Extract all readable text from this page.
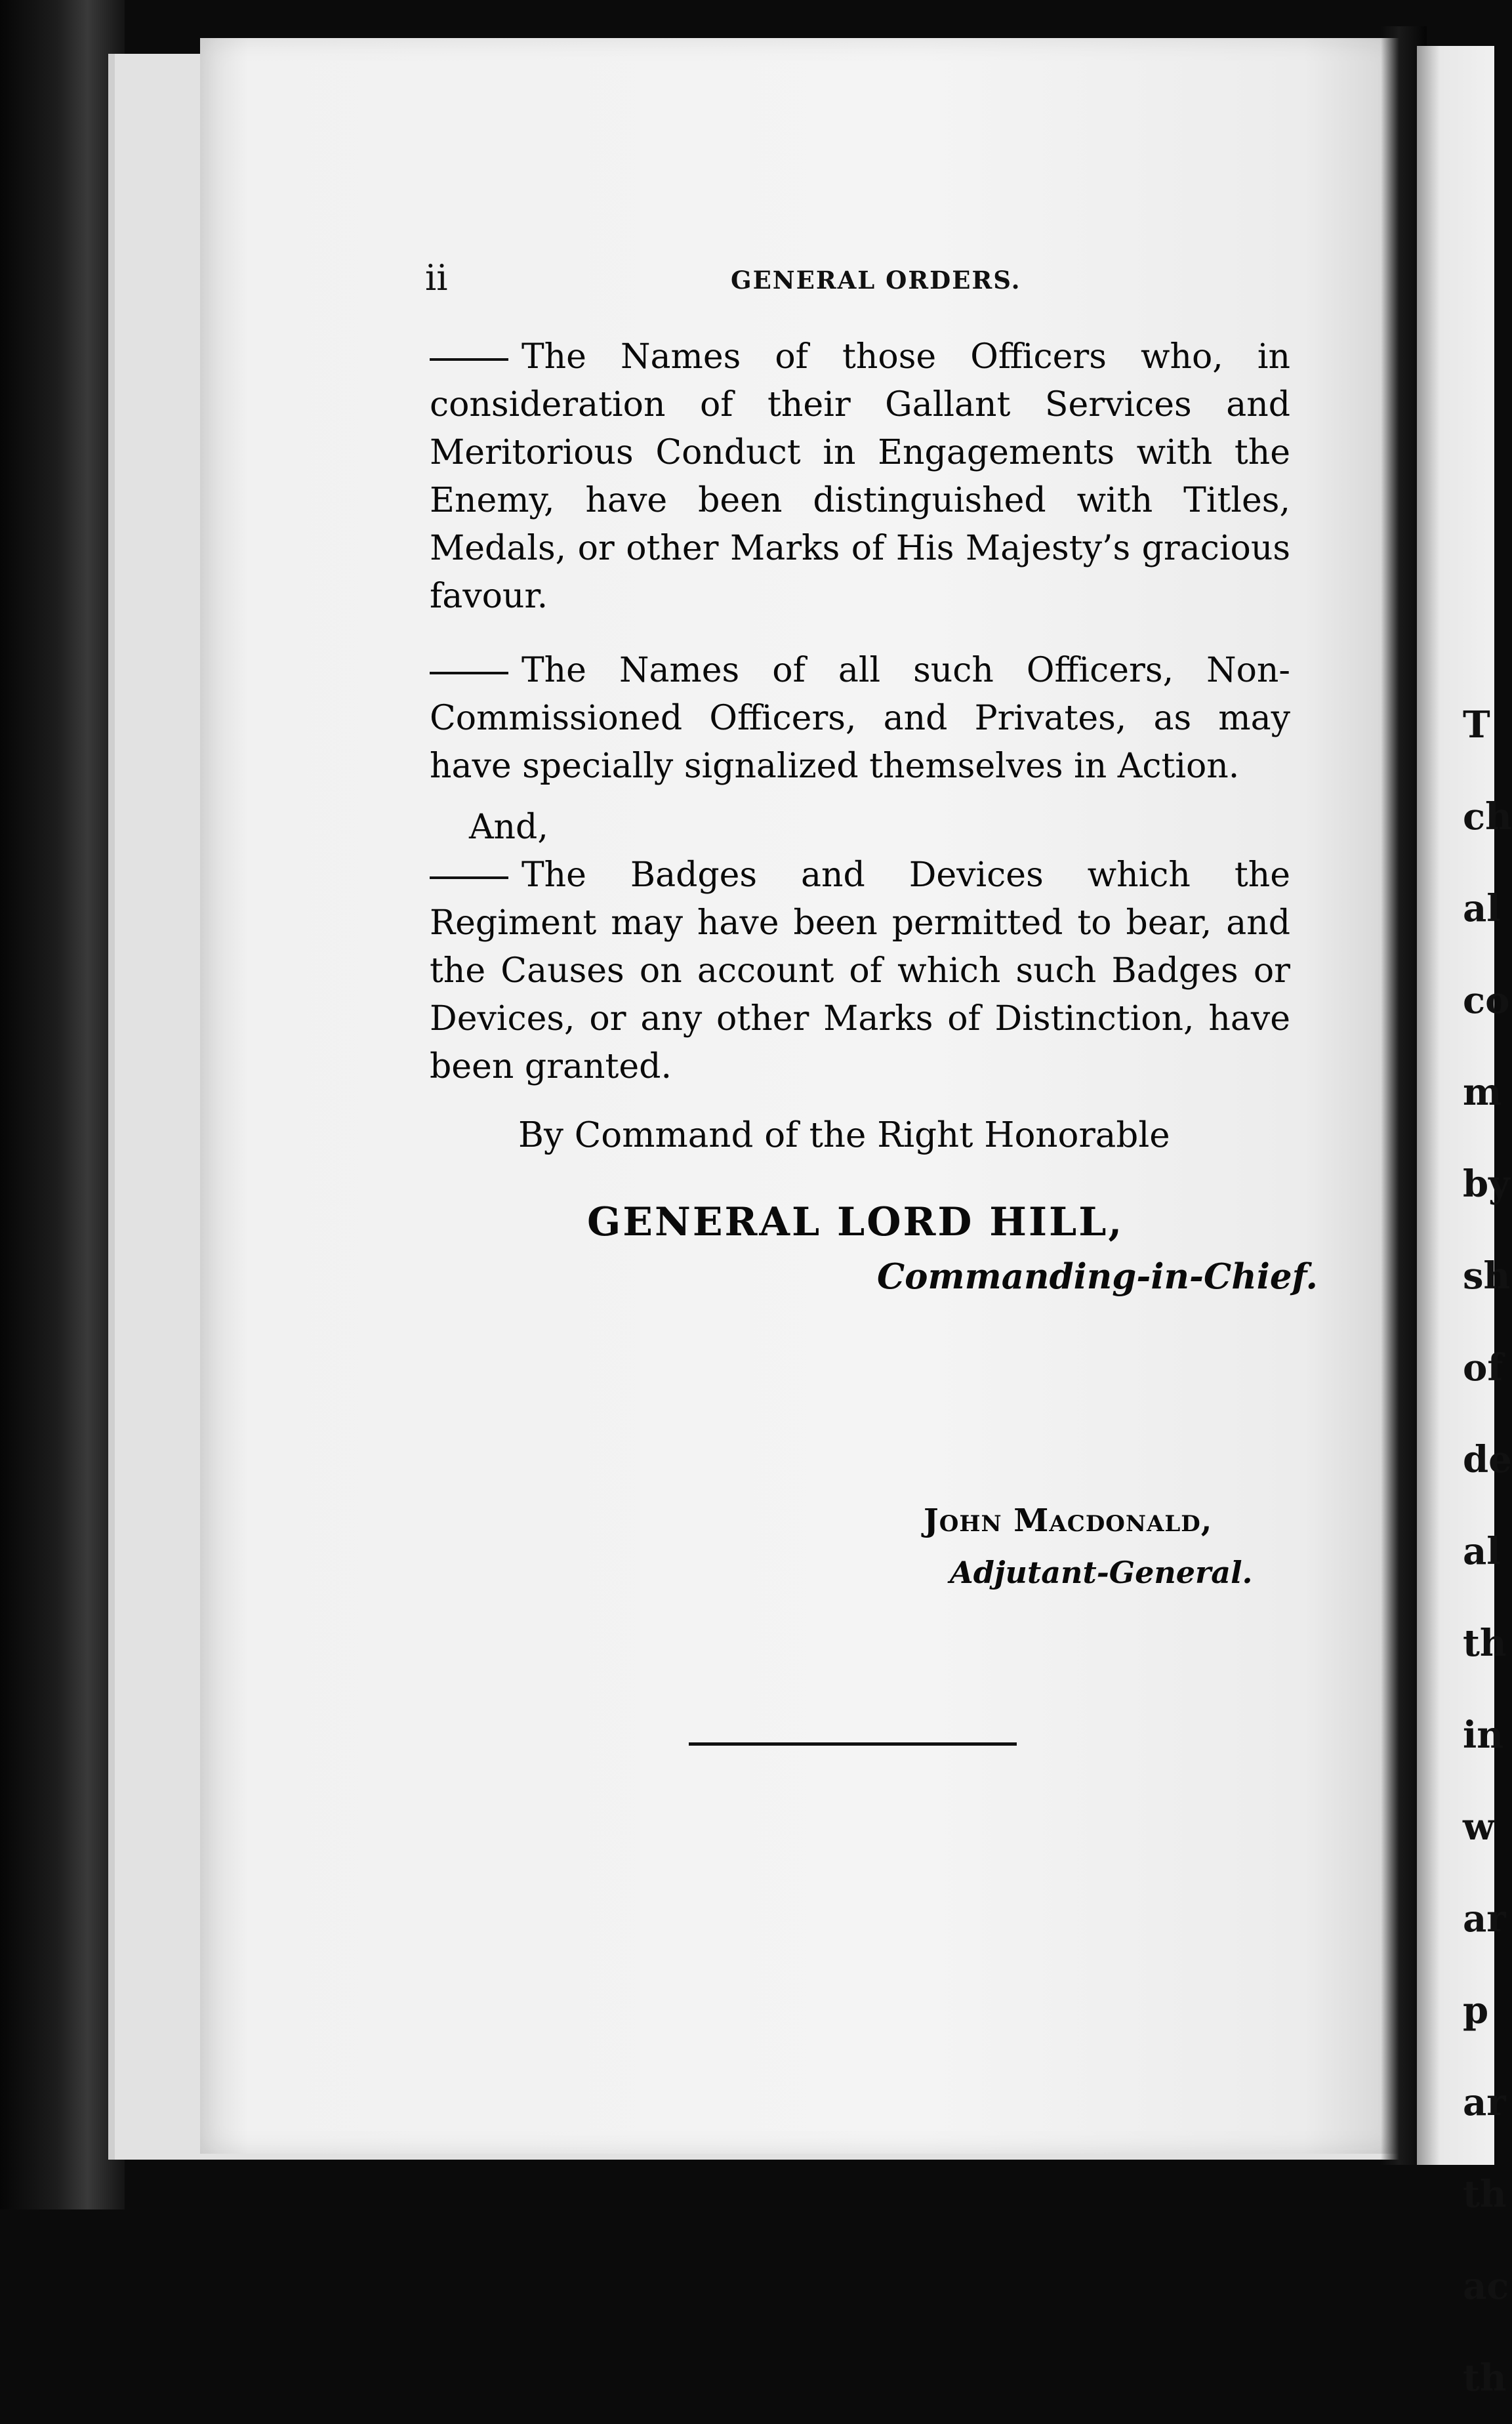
T
ch
al
co
m
by
sh
of
de
al
th
in
w
ar
p
ar
th
ac
th
ii	GENERAL ORDERS.

The Names of those Officers who, in consideration of their Gallant Services and Meritorious Conduct in Engagements with the Enemy, have been distinguished with Titles, Medals, or other Marks of His Majesty’s gracious favour.

The Names of all such Officers, Non-Commissioned Officers, and Privates, as may have specially signalized themselves in Action.

And,

The Badges and Devices which the Regiment may have been permitted to bear, and the Causes on account of which such Badges or Devices, or any other Marks of Distinction, have been granted.

By Command of the Right Honorable
GENERAL LORD HILL,
Commanding-in-Chief.
John Macdonald,
Adjutant-General.
